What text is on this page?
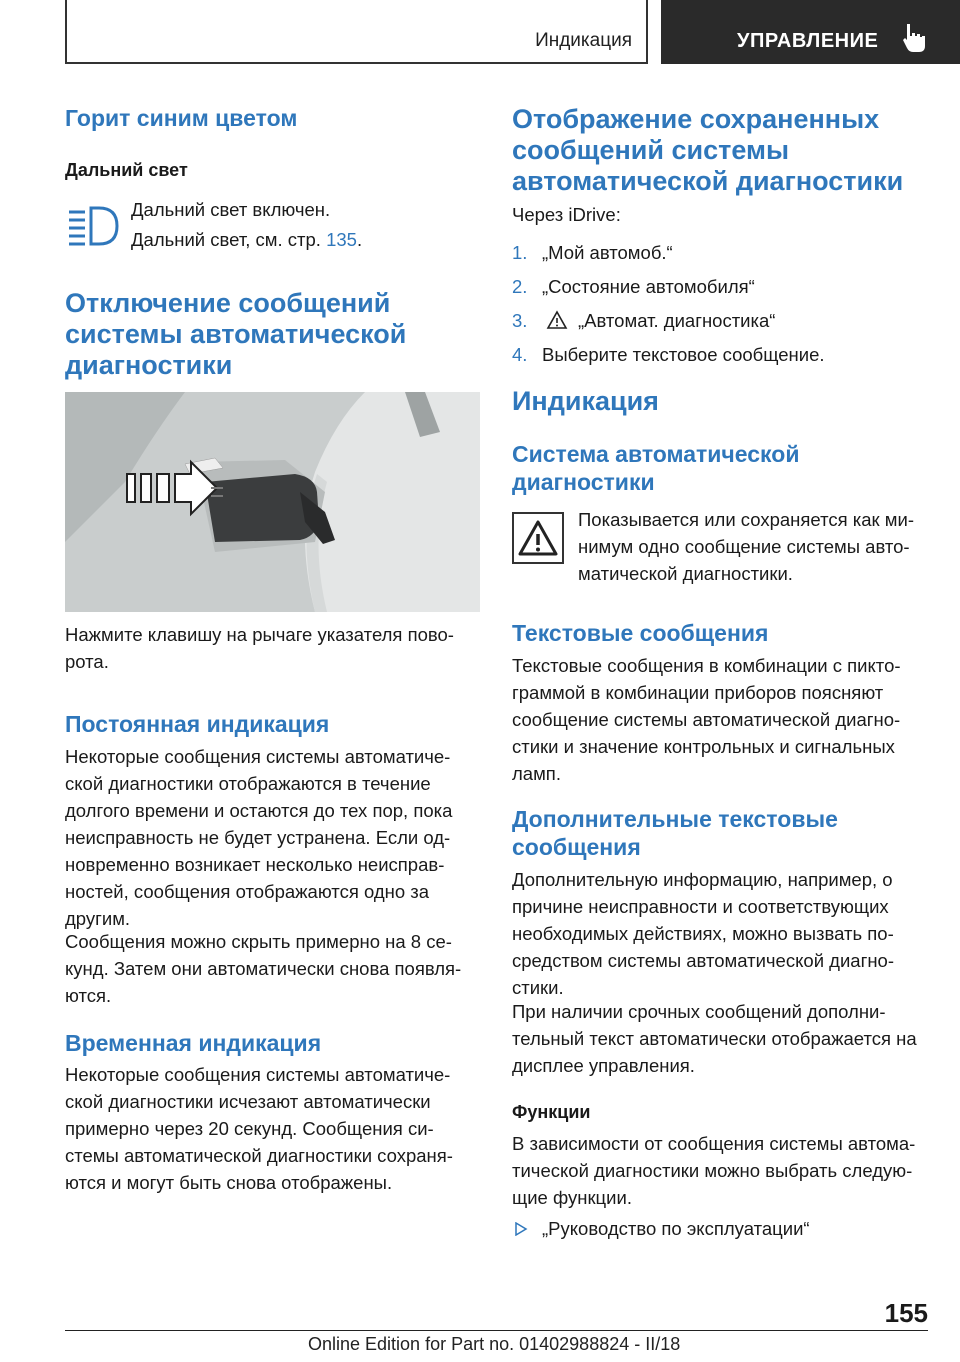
Индикация	УПРАВЛЕНИЕ
Горит синим цветом
Дальний свет

Дальний свет включен.

Дальний свет, см. стр. 135.

Отключение сообщений
системы автоматической
диагностики

Нажмите клавишу на рычаге указателя пово-

рота.

Постоянная индикация

Некоторые сообщения системы автоматиче-

ской диагностики отображаются в течение

долгого времени и остаются до тех пор, пока

неисправность не будет устранена. Если од-

новременно возникает несколько неисправ-

ностей, сообщения отображаются одно за

другим.

Сообщения можно скрыть примерно на 8 се-

кунд. Затем они автоматически снова появля-

ются.

Временная индикация

Некоторые сообщения системы автоматиче-

ской диагностики исчезают автоматически

примерно через 20 секунд. Сообщения си-

стемы автоматической диагностики сохраня-

ются и могут быть снова отображены.

Отображение сохраненных
сообщений системы
автоматической диагностики

Через iDrive:

1. „Мой автомоб.“
2. „Состояние автомобиля“
3.	„Автомат. диагностика“
4. Выберите текстовое сообщение.
Индикация
Система автоматической
диагностики

Показывается или сохраняется как ми-

нимум одно сообщение системы авто-

матической диагностики.

Текстовые сообщения

Текстовые сообщения в комбинации с пикто-

граммой в комбинации приборов поясняют

сообщение системы автоматической диагно-

стики и значение контрольных и сигнальных

ламп.

Дополнительные текстовые
сообщения

Дополнительную информацию, например, о

причине неисправности и соответствующих

необходимых действиях, можно вызвать по-

средством системы автоматической диагно-

стики.

При наличии срочных сообщений дополни-

тельный текст автоматически отображается на

дисплее управления.

Функции

В зависимости от сообщения системы автома-

тической диагностики можно выбрать следую-

щие функции.

„Руководство по эксплуатации“

155
Online Edition for Part no. 01402988824 - II/18
